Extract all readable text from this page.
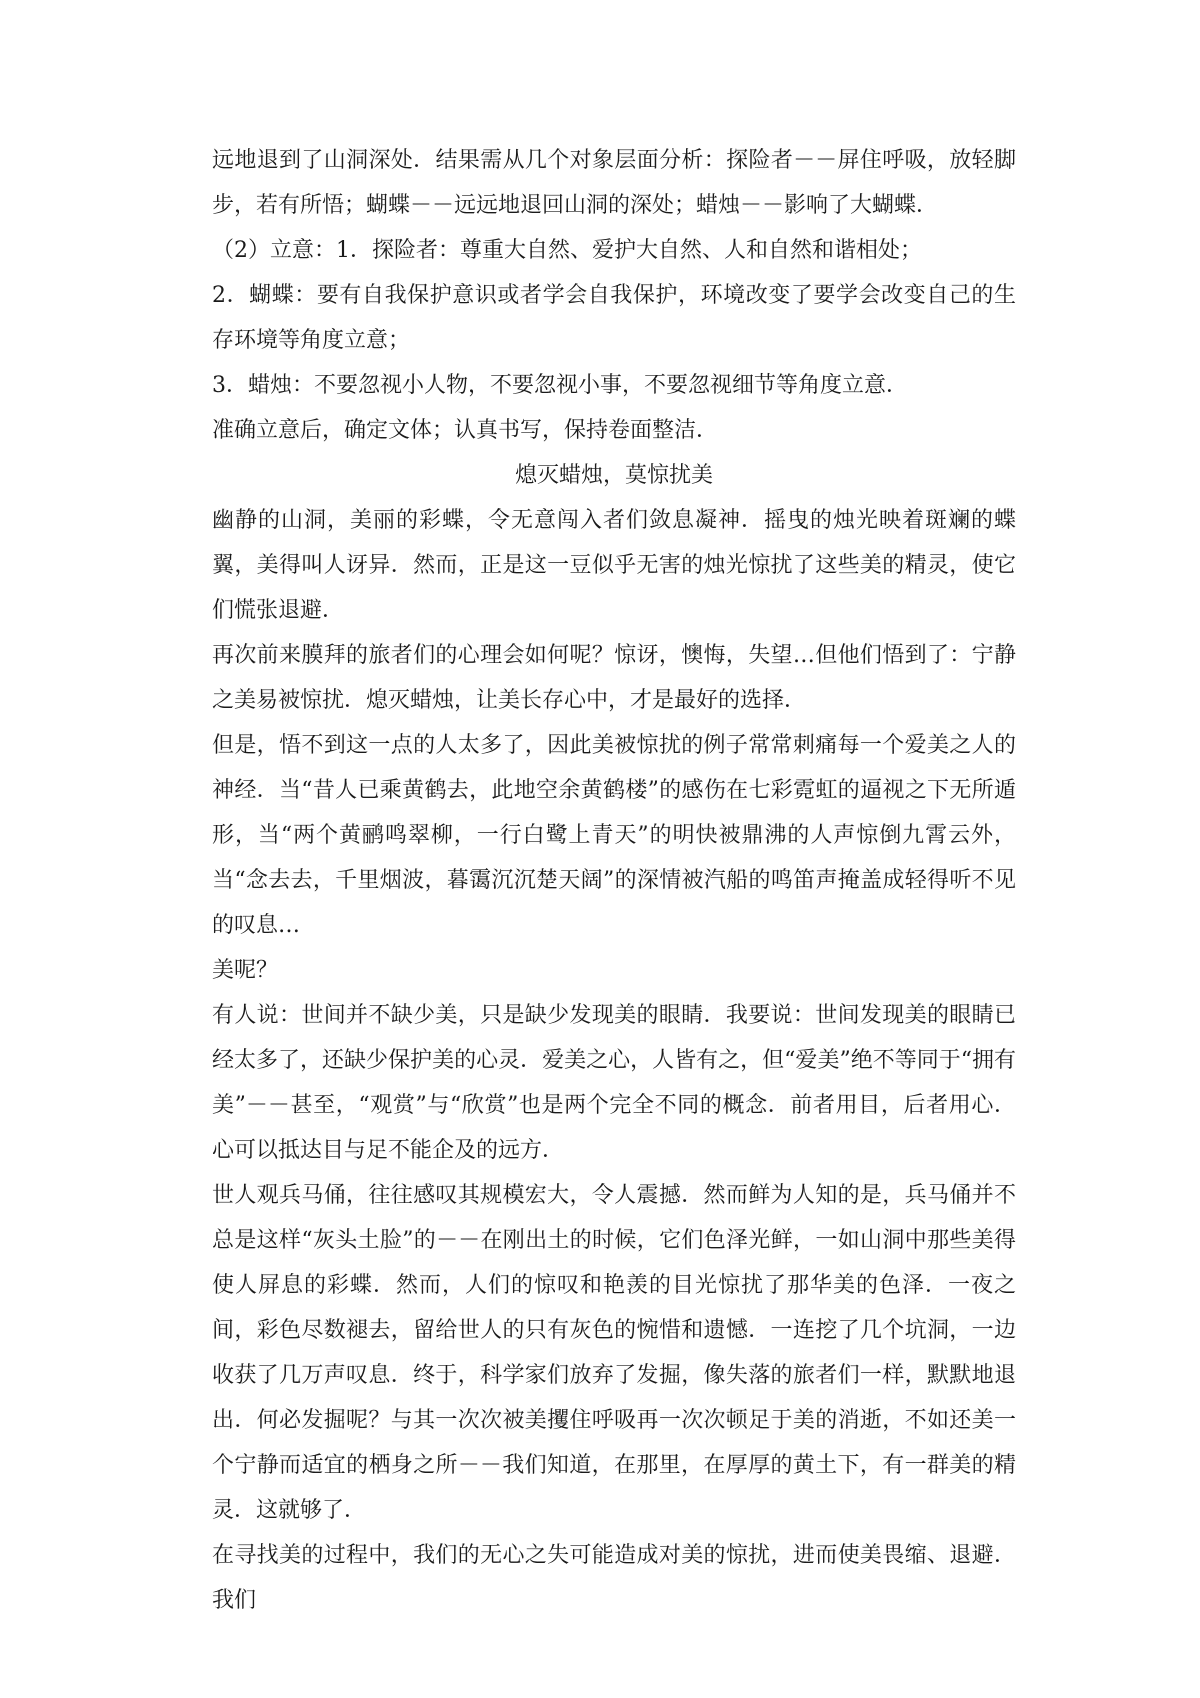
远地退到了山洞深处．结果需从几个对象层面分析：探险者－－屏住呼吸，放轻脚步，若有所悟；蝴蝶－－远远地退回山洞的深处；蜡烛－－影响了大蝴蝶．

（2）立意：1．探险者：尊重大自然、爱护大自然、人和自然和谐相处；

2．蝴蝶：要有自我保护意识或者学会自我保护，环境改变了要学会改变自己的生存环境等角度立意；

3．蜡烛：不要忽视小人物，不要忽视小事，不要忽视细节等角度立意．

准确立意后，确定文体；认真书写，保持卷面整洁．

熄灭蜡烛，莫惊扰美

幽静的山洞，美丽的彩蝶，令无意闯入者们敛息凝神．摇曳的烛光映着斑斓的蝶翼，美得叫人讶异．然而，正是这一豆似乎无害的烛光惊扰了这些美的精灵，使它们慌张退避．

再次前来膜拜的旅者们的心理会如何呢？惊讶，懊悔，失望…但他们悟到了：宁静之美易被惊扰．熄灭蜡烛，让美长存心中，才是最好的选择．

但是，悟不到这一点的人太多了，因此美被惊扰的例子常常刺痛每一个爱美之人的神经．当“昔人已乘黄鹤去，此地空余黄鹤楼”的感伤在七彩霓虹的逼视之下无所遁形，当“两个黄鹂鸣翠柳，一行白鹭上青天”的明快被鼎沸的人声惊倒九霄云外，当“念去去，千里烟波，暮霭沉沉楚天阔”的深情被汽船的鸣笛声掩盖成轻得听不见的叹息…

美呢？

有人说：世间并不缺少美，只是缺少发现美的眼睛．我要说：世间发现美的眼睛已经太多了，还缺少保护美的心灵．爱美之心，人皆有之，但“爱美”绝不等同于“拥有美”－－甚至，“观赏”与“欣赏”也是两个完全不同的概念．前者用目，后者用心．心可以抵达目与足不能企及的远方．

世人观兵马俑，往往感叹其规模宏大，令人震撼．然而鲜为人知的是，兵马俑并不总是这样“灰头土脸”的－－在刚出土的时候，它们色泽光鲜，一如山洞中那些美得使人屏息的彩蝶．然而，人们的惊叹和艳羡的目光惊扰了那华美的色泽．一夜之间，彩色尽数褪去，留给世人的只有灰色的惋惜和遗憾．一连挖了几个坑洞，一边收获了几万声叹息．终于，科学家们放弃了发掘，像失落的旅者们一样，默默地退出．何必发掘呢？与其一次次被美攫住呼吸再一次次顿足于美的消逝，不如还美一个宁静而适宜的栖身之所－－我们知道，在那里，在厚厚的黄土下，有一群美的精灵．这就够了．

在寻找美的过程中，我们的无心之失可能造成对美的惊扰，进而使美畏缩、退避．我们
